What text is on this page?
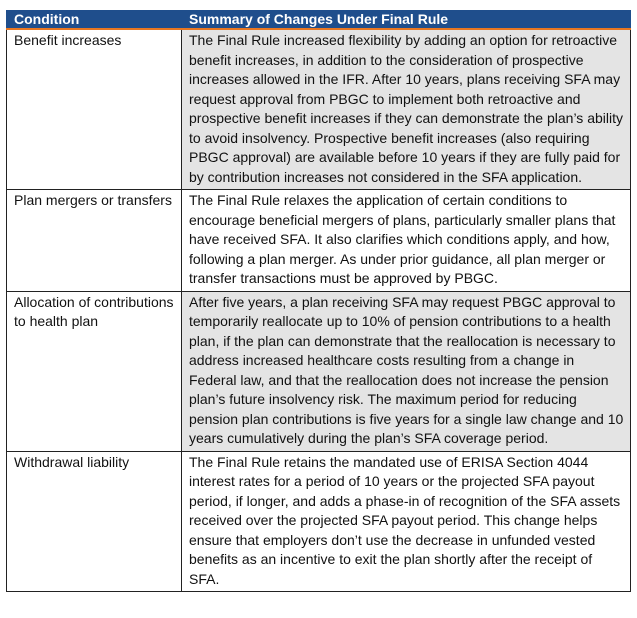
Condition	Summary of Changes Under Final Rule
Benefit increases	The Final Rule increased flexibility by adding an option for retroactive benefit increases, in addition to the consideration of prospective increases allowed in the IFR. After 10 years, plans receiving SFA may request approval from PBGC to implement both retroactive and prospective benefit increases if they can demonstrate the plan’s ability to avoid insolvency. Prospective benefit increases (also requiring PBGC approval) are available before 10 years if they are fully paid for by contribution increases not considered in the SFA application.
Plan mergers or transfers	The Final Rule relaxes the application of certain conditions to encourage beneficial mergers of plans, particularly smaller plans that have received SFA. It also clarifies which conditions apply, and how, following a plan merger. As under prior guidance, all plan merger or transfer transactions must be approved by PBGC.
Allocation of contributions to health plan	After five years, a plan receiving SFA may request PBGC approval to temporarily reallocate up to 10% of pension contributions to a health plan, if the plan can demonstrate that the reallocation is necessary to address increased healthcare costs resulting from a change in Federal law, and that the reallocation does not increase the pension plan’s future insolvency risk. The maximum period for reducing pension plan contributions is five years for a single law change and 10 years cumulatively during the plan’s SFA coverage period.
Withdrawal liability	The Final Rule retains the mandated use of ERISA Section 4044 interest rates for a period of 10 years or the projected SFA payout period, if longer, and adds a phase-in of recognition of the SFA assets received over the projected SFA payout period. This change helps ensure that employers don’t use the decrease in unfunded vested benefits as an incentive to exit the plan shortly after the receipt of SFA.
